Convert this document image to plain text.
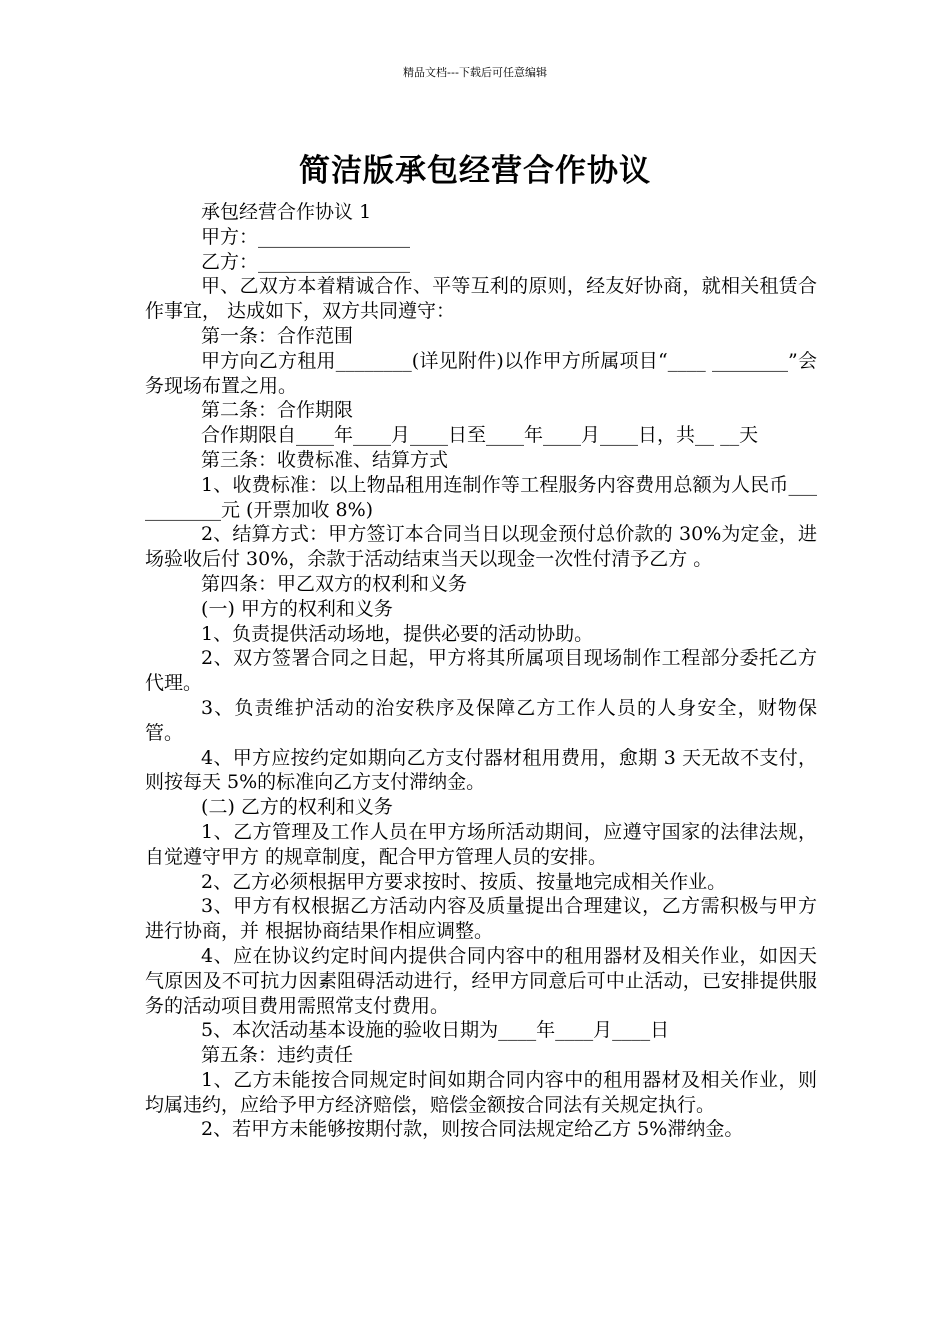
精品文档---下载后可任意编辑
简洁版承包经营合作协议

承包经营合作协议 1

甲方：________________

乙方：________________

甲、乙双方本着精诚合作、平等互利的原则，经友好协商，就相关租赁合作事宜， 达成如下，双方共同遵守：

第一条：合作范围

甲方向乙方租用________(详见附件)以作甲方所属项目“____ ________”会务现场布置之用。

第二条：合作期限

合作期限自____年____月____日至____年____月____日，共__ __天

第三条：收费标准、结算方式

1、收费标准：以上物品租用连制作等工程服务内容费用总额为人民币___________元 (开票加收 8%)

2、结算方式：甲方签订本合同当日以现金预付总价款的 30%为定金，进场验收后付 30%，余款于活动结束当天以现金一次性付清予乙方 。

第四条：甲乙双方的权利和义务

(一) 甲方的权利和义务

1、负责提供活动场地，提供必要的活动协助。

2、双方签署合同之日起，甲方将其所属项目现场制作工程部分委托乙方代理。

3、负责维护活动的治安秩序及保障乙方工作人员的人身安全，财物保管。

4、甲方应按约定如期向乙方支付器材租用费用，愈期 3 天无故不支付，则按每天 5%的标准向乙方支付滞纳金。

(二) 乙方的权利和义务

1、乙方管理及工作人员在甲方场所活动期间，应遵守国家的法律法规，自觉遵守甲方 的规章制度，配合甲方管理人员的安排。

2、乙方必须根据甲方要求按时、按质、按量地完成相关作业。

3、甲方有权根据乙方活动内容及质量提出合理建议，乙方需积极与甲方进行协商，并 根据协商结果作相应调整。

4、应在协议约定时间内提供合同内容中的租用器材及相关作业，如因天气原因及不可抗力因素阻碍活动进行，经甲方同意后可中止活动，已安排提供服务的活动项目费用需照常支付费用。

5、本次活动基本设施的验收日期为____年____月____日

第五条：违约责任

1、乙方未能按合同规定时间如期合同内容中的租用器材及相关作业，则均属违约，应给予甲方经济赔偿，赔偿金额按合同法有关规定执行。

2、若甲方未能够按期付款，则按合同法规定给乙方 5%滞纳金。
